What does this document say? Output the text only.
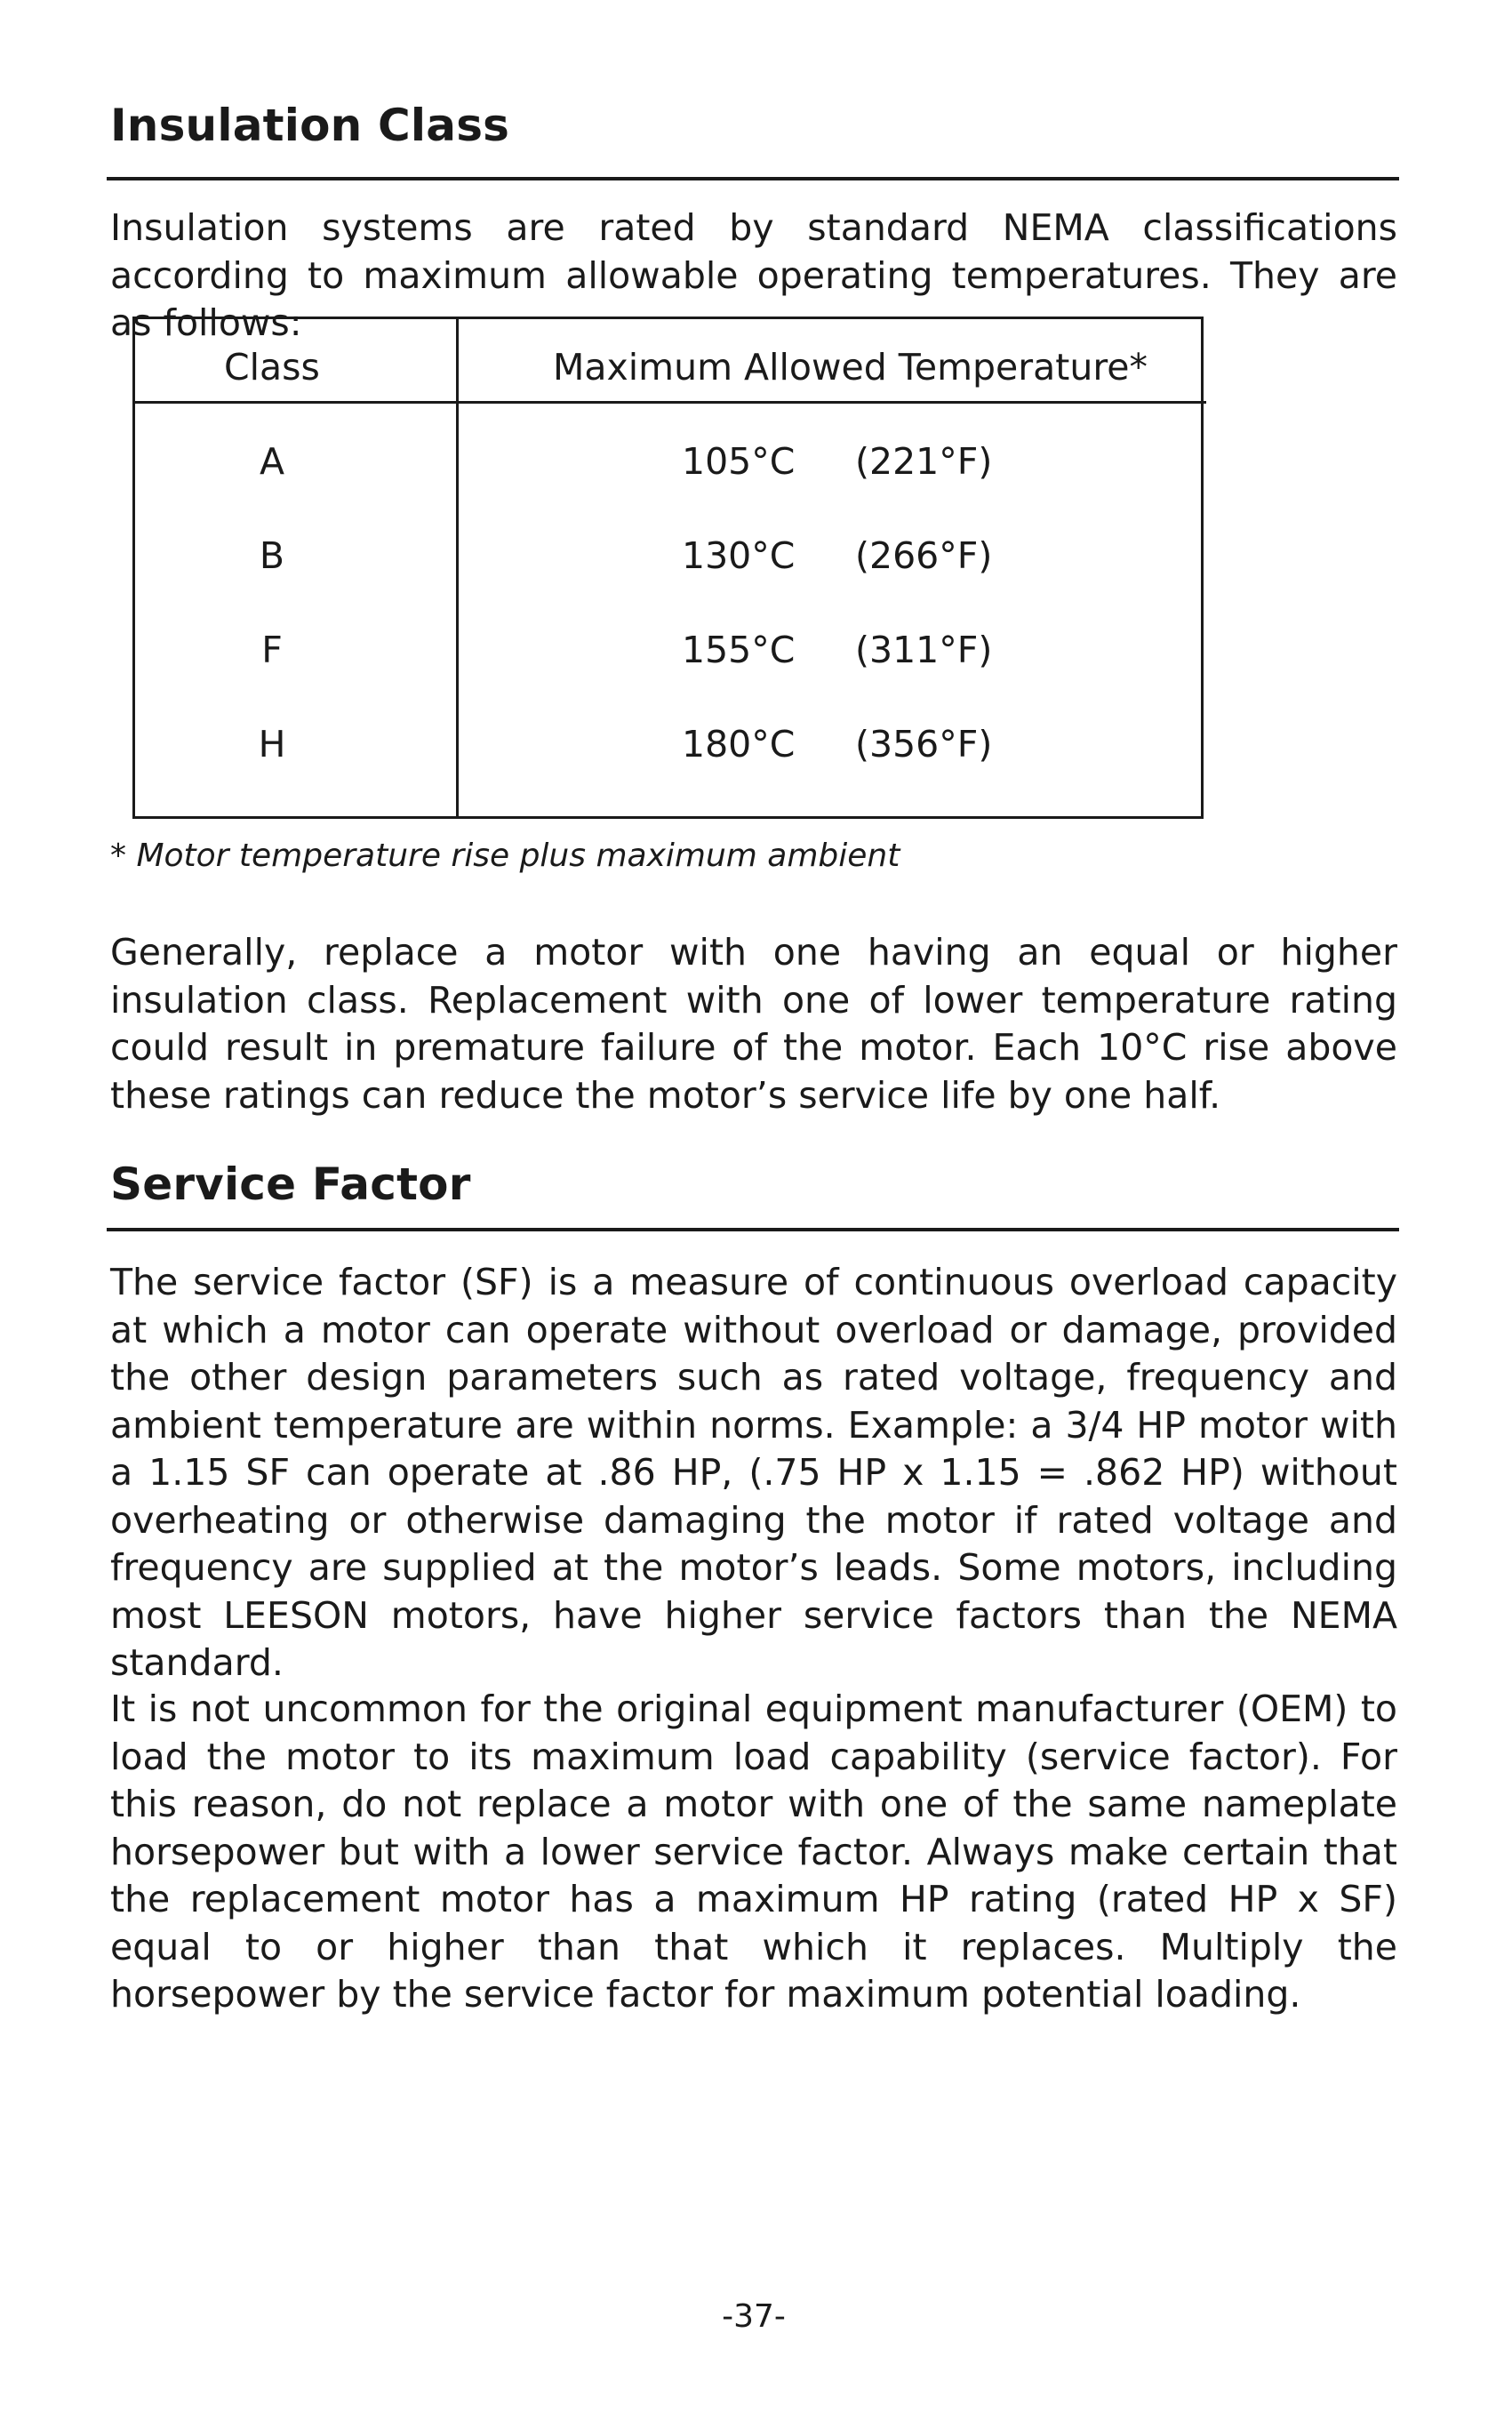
Insulation Class

Insulation systems are rated by standard NEMA classifications according to maximum allowable operating temperatures. They are as follows:

Class	Maximum Allowed Temperature*
A	105°C (221°F)
B	130°C (266°F)
F	155°C (311°F)
H	180°C (356°F)

* Motor temperature rise plus maximum ambient

Generally, replace a motor with one having an equal or higher insulation class. Replacement with one of lower temperature rating could result in premature failure of the motor. Each 10°C rise above these ratings can reduce the motor’s service life by one half.

Service Factor

The service factor (SF) is a measure of continuous overload capacity at which a motor can operate without overload or damage, provided the other design parameters such as rated voltage, frequency and ambient temperature are within norms. Example: a 3/4 HP motor with a 1.15 SF can operate at .86 HP, (.75 HP x 1.15 = .862 HP) without overheating or otherwise damaging the motor if rated voltage and frequency are supplied at the motor’s leads. Some motors, including most LEESON motors, have higher service factors than the NEMA standard.

It is not uncommon for the original equipment manufacturer (OEM) to load the motor to its maximum load capability (service factor). For this reason, do not replace a motor with one of the same nameplate horsepower but with a lower service factor. Always make certain that the replacement motor has a maximum HP rating (rated HP x SF) equal to or higher than that which it replaces. Multiply the horsepower by the service factor for maximum potential loading.

-37-
